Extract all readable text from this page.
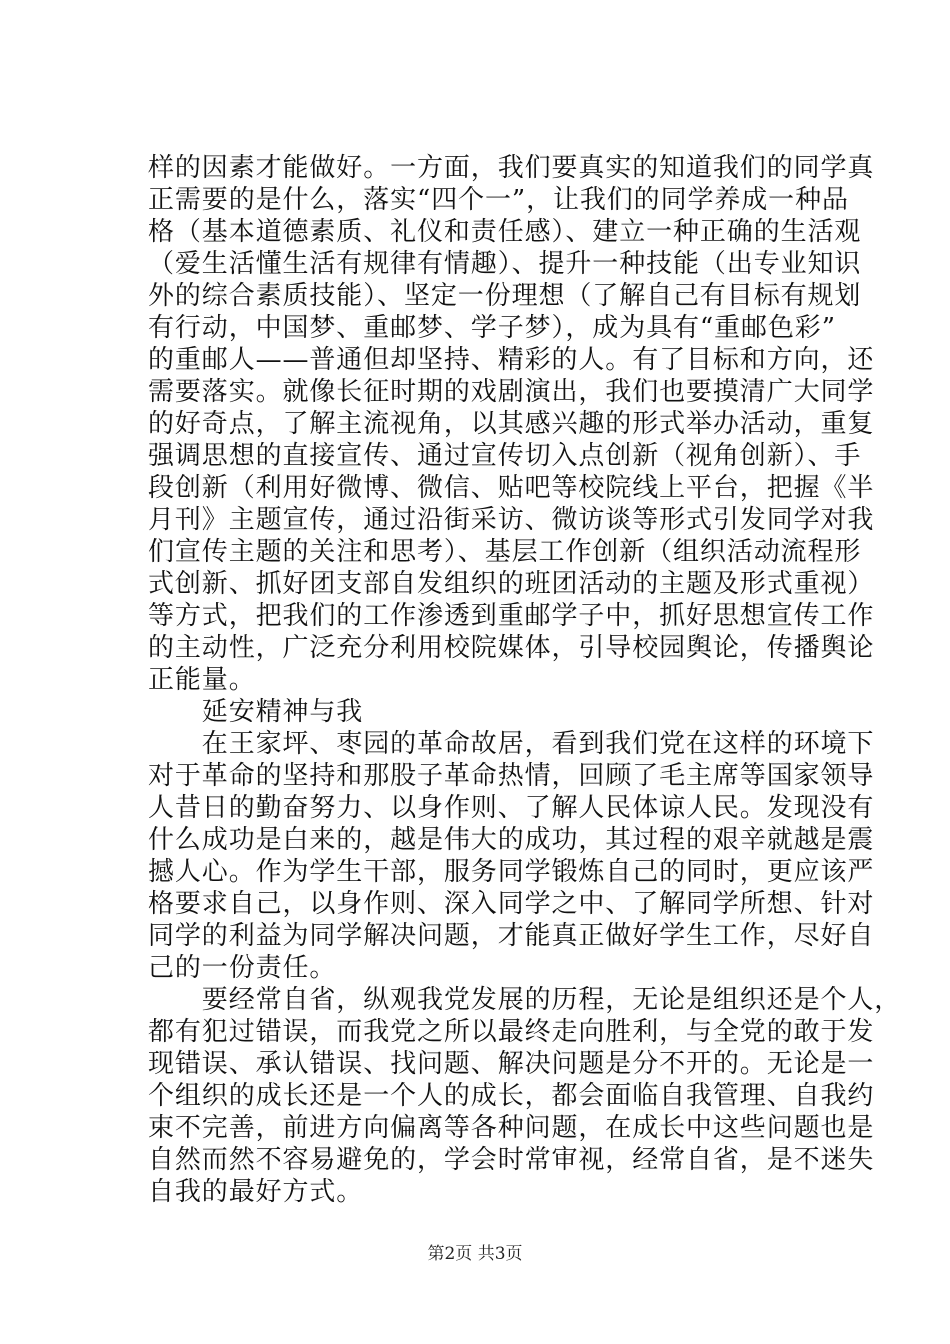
样的因素才能做好。一方面，我们要真实的知道我们的同学真
正需要的是什么，落实“四个一”，让我们的同学养成一种品
格（基本道德素质、礼仪和责任感）、建立一种正确的生活观
（爱生活懂生活有规律有情趣）、提升一种技能（出专业知识
外的综合素质技能）、坚定一份理想（了解自己有目标有规划
有行动，中国梦、重邮梦、学子梦），成为具有“重邮色彩”
的重邮人——普通但却坚持、精彩的人。有了目标和方向，还
需要落实。就像长征时期的戏剧演出，我们也要摸清广大同学
的好奇点，了解主流视角，以其感兴趣的形式举办活动，重复
强调思想的直接宣传、通过宣传切入点创新（视角创新）、手
段创新（利用好微博、微信、贴吧等校院线上平台，把握《半
月刊》主题宣传，通过沿街采访、微访谈等形式引发同学对我
们宣传主题的关注和思考）、基层工作创新（组织活动流程形
式创新、抓好团支部自发组织的班团活动的主题及形式重视）
等方式，把我们的工作渗透到重邮学子中，抓好思想宣传工作
的主动性，广泛充分利用校院媒体，引导校园舆论，传播舆论
正能量。
　　延安精神与我
　　在王家坪、枣园的革命故居，看到我们党在这样的环境下
对于革命的坚持和那股子革命热情，回顾了毛主席等国家领导
人昔日的勤奋努力、以身作则、了解人民体谅人民。发现没有
什么成功是白来的，越是伟大的成功，其过程的艰辛就越是震
撼人心。作为学生干部，服务同学锻炼自己的同时，更应该严
格要求自己，以身作则、深入同学之中、了解同学所想、针对
同学的利益为同学解决问题，才能真正做好学生工作，尽好自
己的一份责任。
　　要经常自省，纵观我党发展的历程，无论是组织还是个人，
都有犯过错误，而我党之所以最终走向胜利，与全党的敢于发
现错误、承认错误、找问题、解决问题是分不开的。无论是一
个组织的成长还是一个人的成长，都会面临自我管理、自我约
束不完善，前进方向偏离等各种问题，在成长中这些问题也是
自然而然不容易避免的，学会时常审视，经常自省，是不迷失
自我的最好方式。
第2页 共3页
